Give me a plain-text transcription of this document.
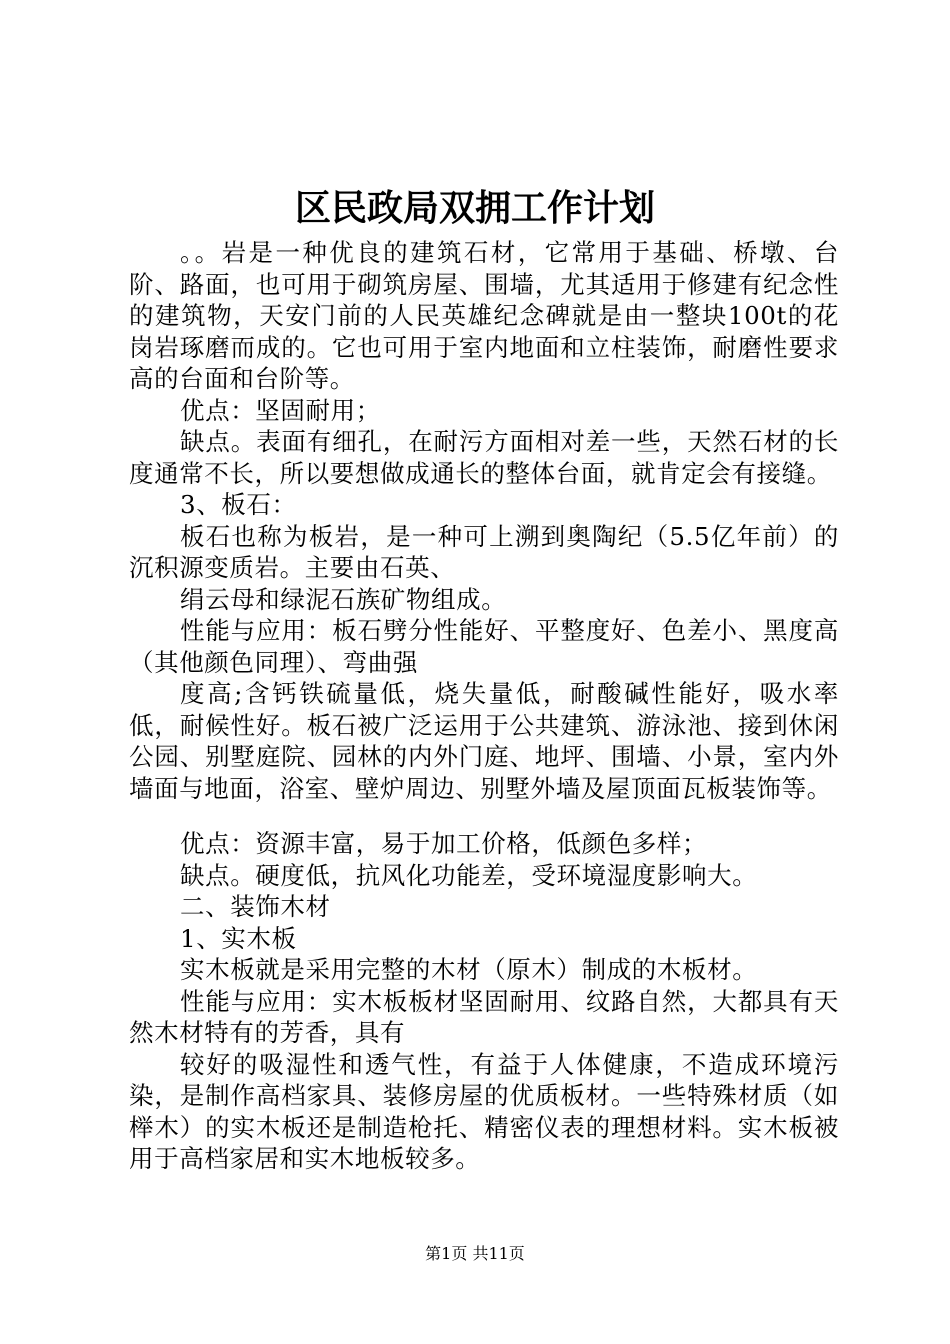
区民政局双拥工作计划

。。岩是一种优良的建筑石材，它常用于基础、桥墩、台阶、路面，也可用于砌筑房屋、围墙，尤其适用于修建有纪念性的建筑物，天安门前的人民英雄纪念碑就是由一整块100t的花岗岩琢磨而成的。它也可用于室内地面和立柱装饰，耐磨性要求高的台面和台阶等。

优点：坚固耐用；

缺点。表面有细孔，在耐污方面相对差一些，天然石材的长度通常不长，所以要想做成通长的整体台面，就肯定会有接缝。

3、板石：

板石也称为板岩，是一种可上溯到奥陶纪（5.5亿年前）的沉积源变质岩。主要由石英、

绢云母和绿泥石族矿物组成。

性能与应用：板石劈分性能好、平整度好、色差小、黑度高（其他颜色同理）、弯曲强

度高;含钙铁硫量低，烧失量低，耐酸碱性能好，吸水率低，耐候性好。板石被广泛运用于公共建筑、游泳池、接到休闲公园、别墅庭院、园林的内外门庭、地坪、围墙、小景，室内外墙面与地面，浴室、壁炉周边、别墅外墙及屋顶面瓦板装饰等。

优点：资源丰富，易于加工价格，低颜色多样；

缺点。硬度低，抗风化功能差，受环境湿度影响大。

二、装饰木材

1、实木板

实木板就是采用完整的木材（原木）制成的木板材。

性能与应用：实木板板材坚固耐用、纹路自然，大都具有天然木材特有的芳香，具有

较好的吸湿性和透气性，有益于人体健康，不造成环境污染，是制作高档家具、装修房屋的优质板材。一些特殊材质（如榉木）的实木板还是制造枪托、精密仪表的理想材料。实木板被用于高档家居和实木地板较多。

第1页 共11页
